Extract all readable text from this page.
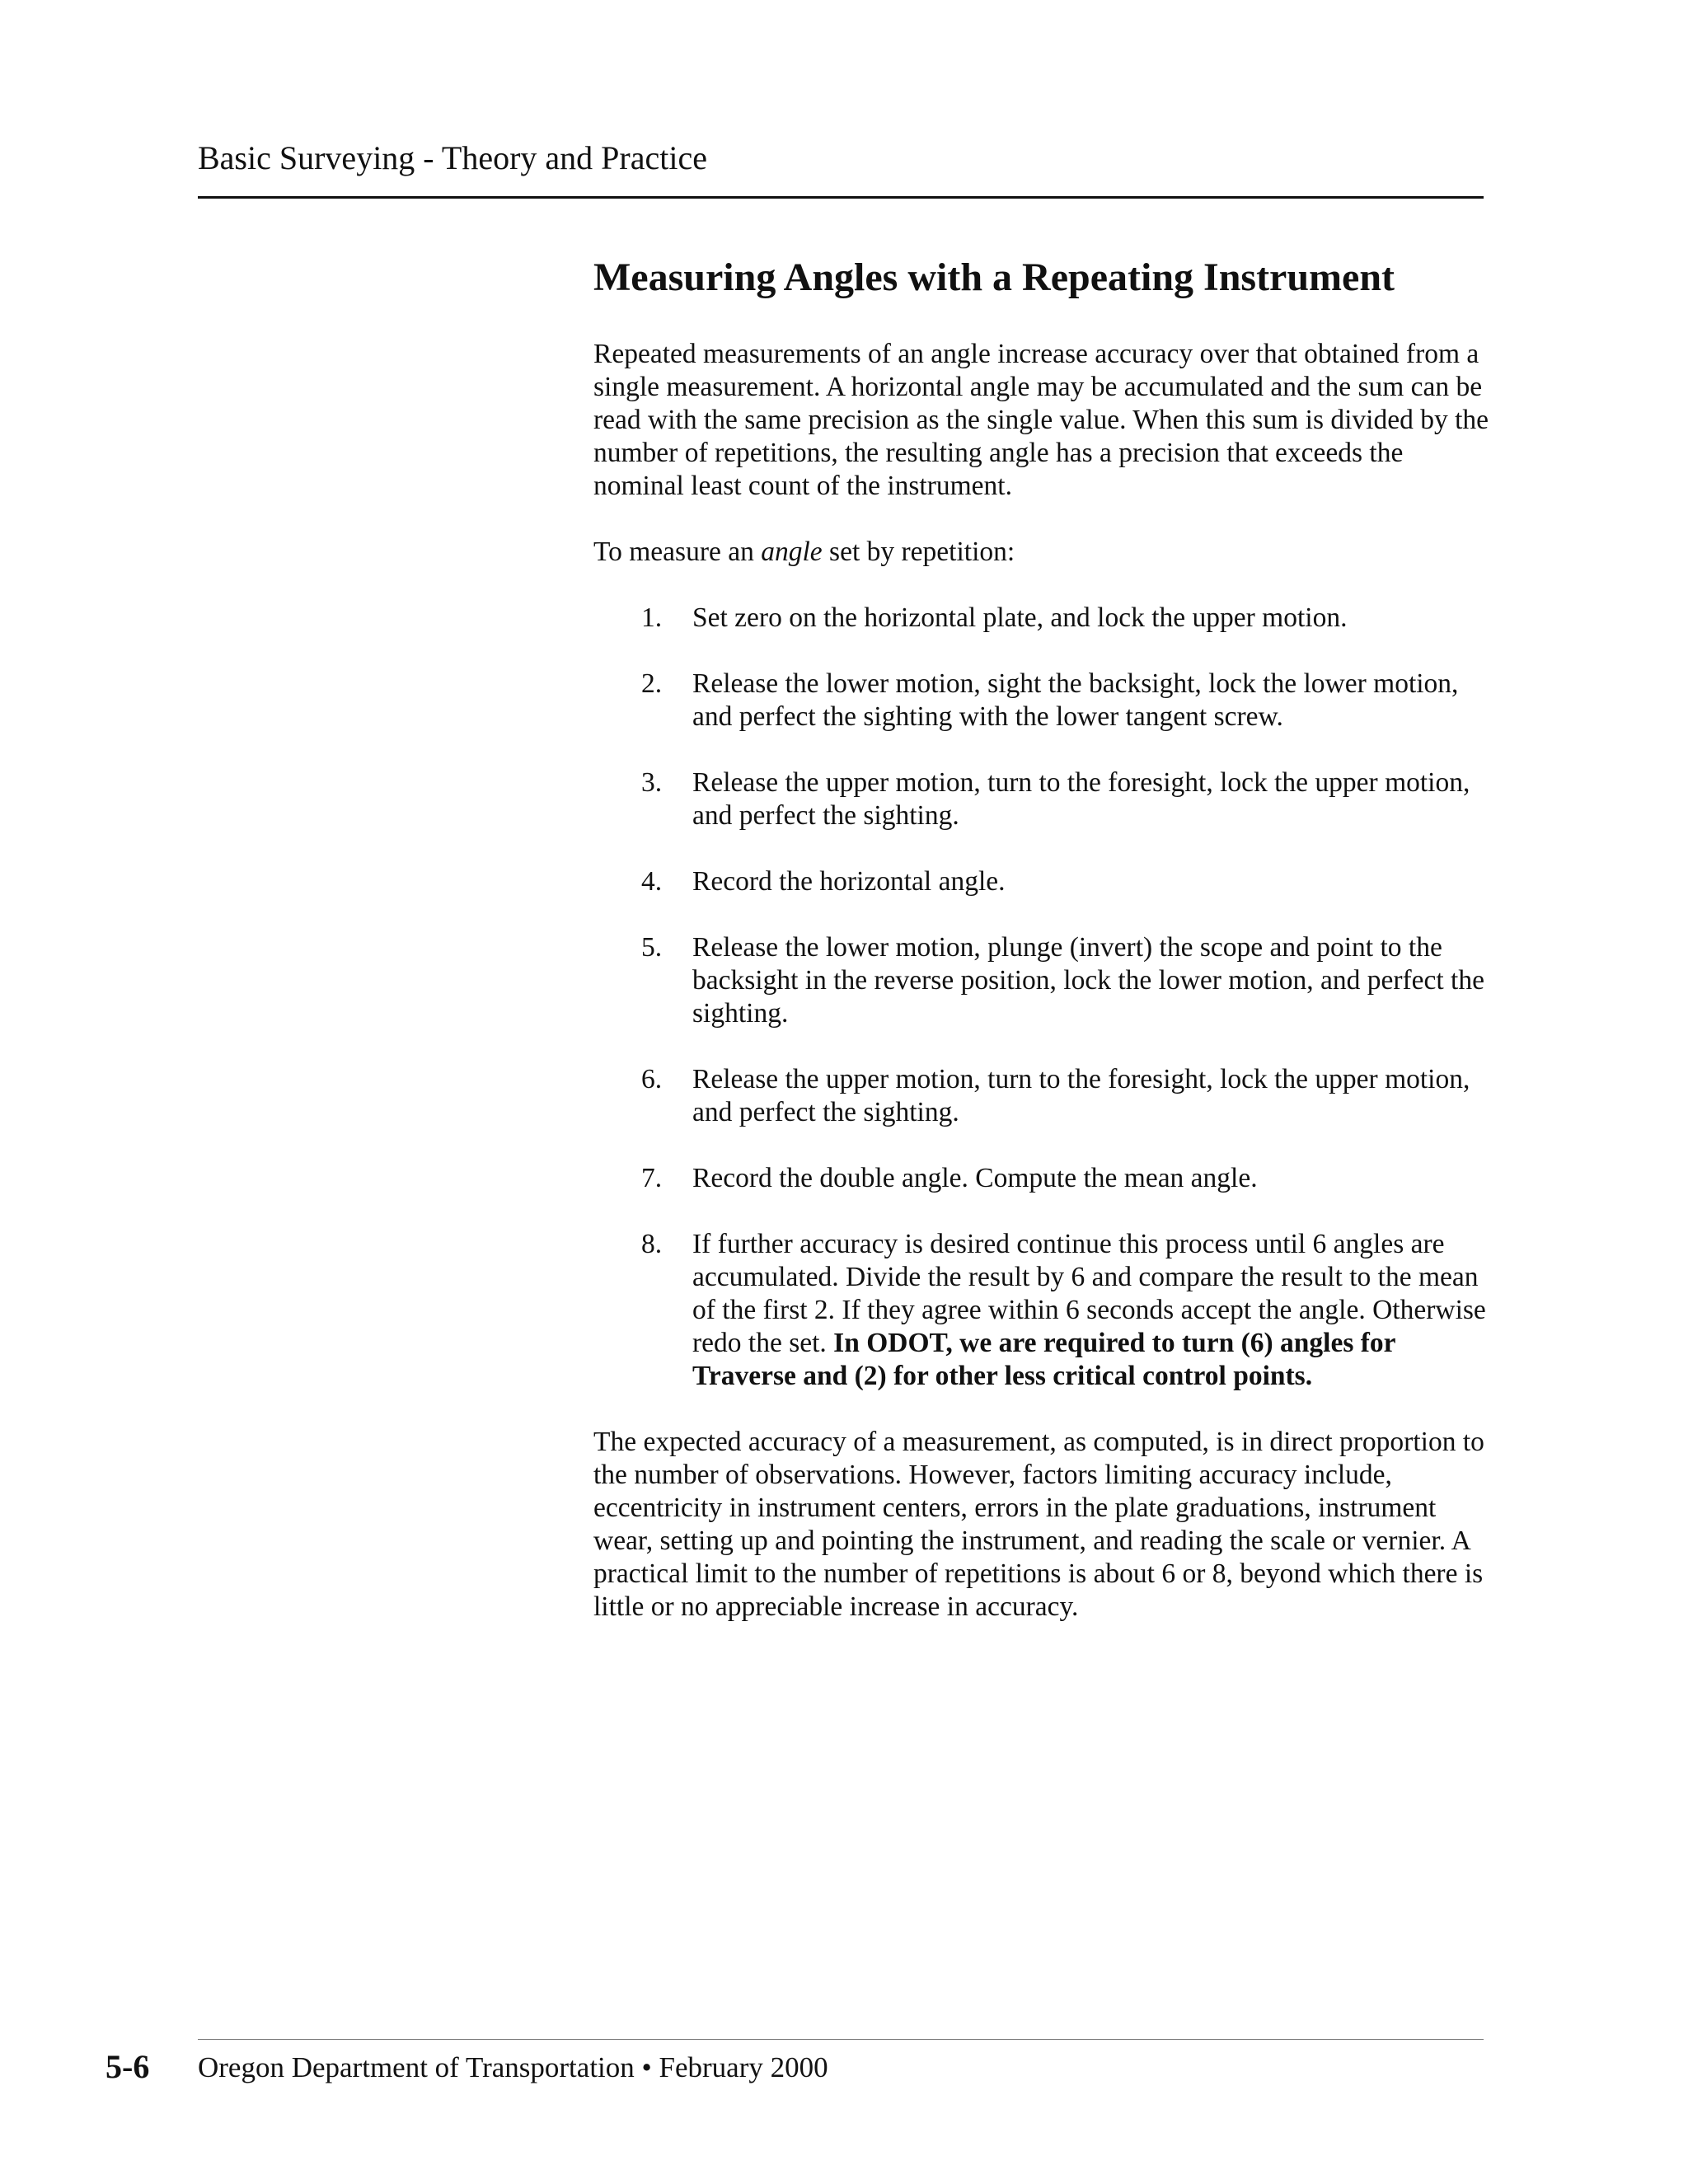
Basic Surveying - Theory and Practice
Measuring Angles with a Repeating Instrument

Repeated measurements of an angle increase accuracy over that obtained from a single measurement. A horizontal angle may be accumulated and the sum can be read with the same precision as the single value. When this sum is divided by the number of repetitions, the resulting angle has a precision that exceeds the nominal least count of the instrument.

To measure an angle set by repetition:

1. Set zero on the horizontal plate, and lock the upper motion.
2. Release the lower motion, sight the backsight, lock the lower motion, and perfect the sighting with the lower tangent screw.
3. Release the upper motion, turn to the foresight, lock the upper motion, and perfect the sighting.
4. Record the horizontal angle.
5. Release the lower motion, plunge (invert) the scope and point to the backsight in the reverse position, lock the lower motion, and perfect the sighting.
6. Release the upper motion, turn to the foresight, lock the upper motion, and perfect the sighting.
7. Record the double angle. Compute the mean angle.
8. If further accuracy is desired continue this process until 6 angles are accumulated. Divide the result by 6 and compare the result to the mean of the first 2. If they agree within 6 seconds accept the angle. Otherwise redo the set. In ODOT, we are required to turn (6) angles for Traverse and (2) for other less critical control points.

The expected accuracy of a measurement, as computed, is in direct proportion to the number of observations. However, factors limiting accuracy include, eccentricity in instrument centers, errors in the plate graduations, instrument wear, setting up and pointing the instrument, and reading the scale or vernier. A practical limit to the number of repetitions is about 6 or 8, beyond which there is little or no appreciable increase in accuracy.

5-6 Oregon Department of Transportation • February 2000
